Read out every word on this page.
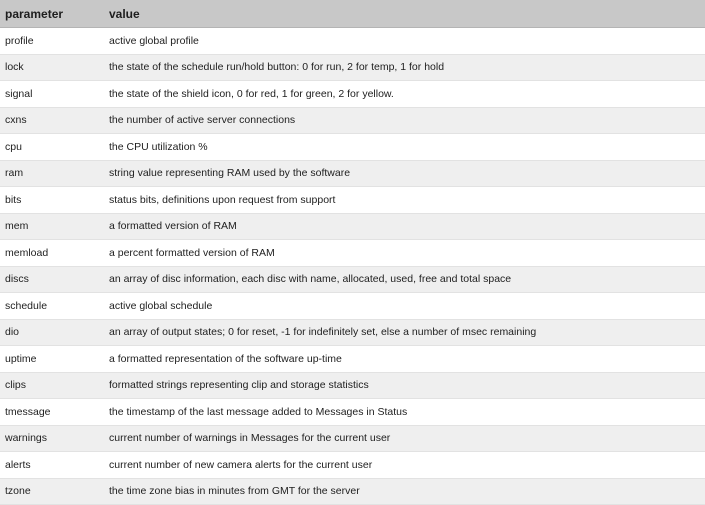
parameter	value
profile	active global profile
lock	the state of the schedule run/hold button: 0 for run, 2 for temp, 1 for hold
signal	the state of the shield icon, 0 for red, 1 for green, 2 for yellow.
cxns	the number of active server connections
cpu	the CPU utilization %
ram	string value representing RAM used by the software
bits	status bits, definitions upon request from support
mem	a formatted version of RAM
memload	a percent formatted version of RAM
discs	an array of disc information, each disc with name, allocated, used, free and total space
schedule	active global schedule
dio	an array of output states; 0 for reset, -1 for indefinitely set, else a number of msec remaining
uptime	a formatted representation of the software up-time
clips	formatted strings representing clip and storage statistics
tmessage	the timestamp of the last message added to Messages in Status
warnings	current number of warnings in Messages for the current user
alerts	current number of new camera alerts for the current user
tzone	the time zone bias in minutes from GMT for the server
